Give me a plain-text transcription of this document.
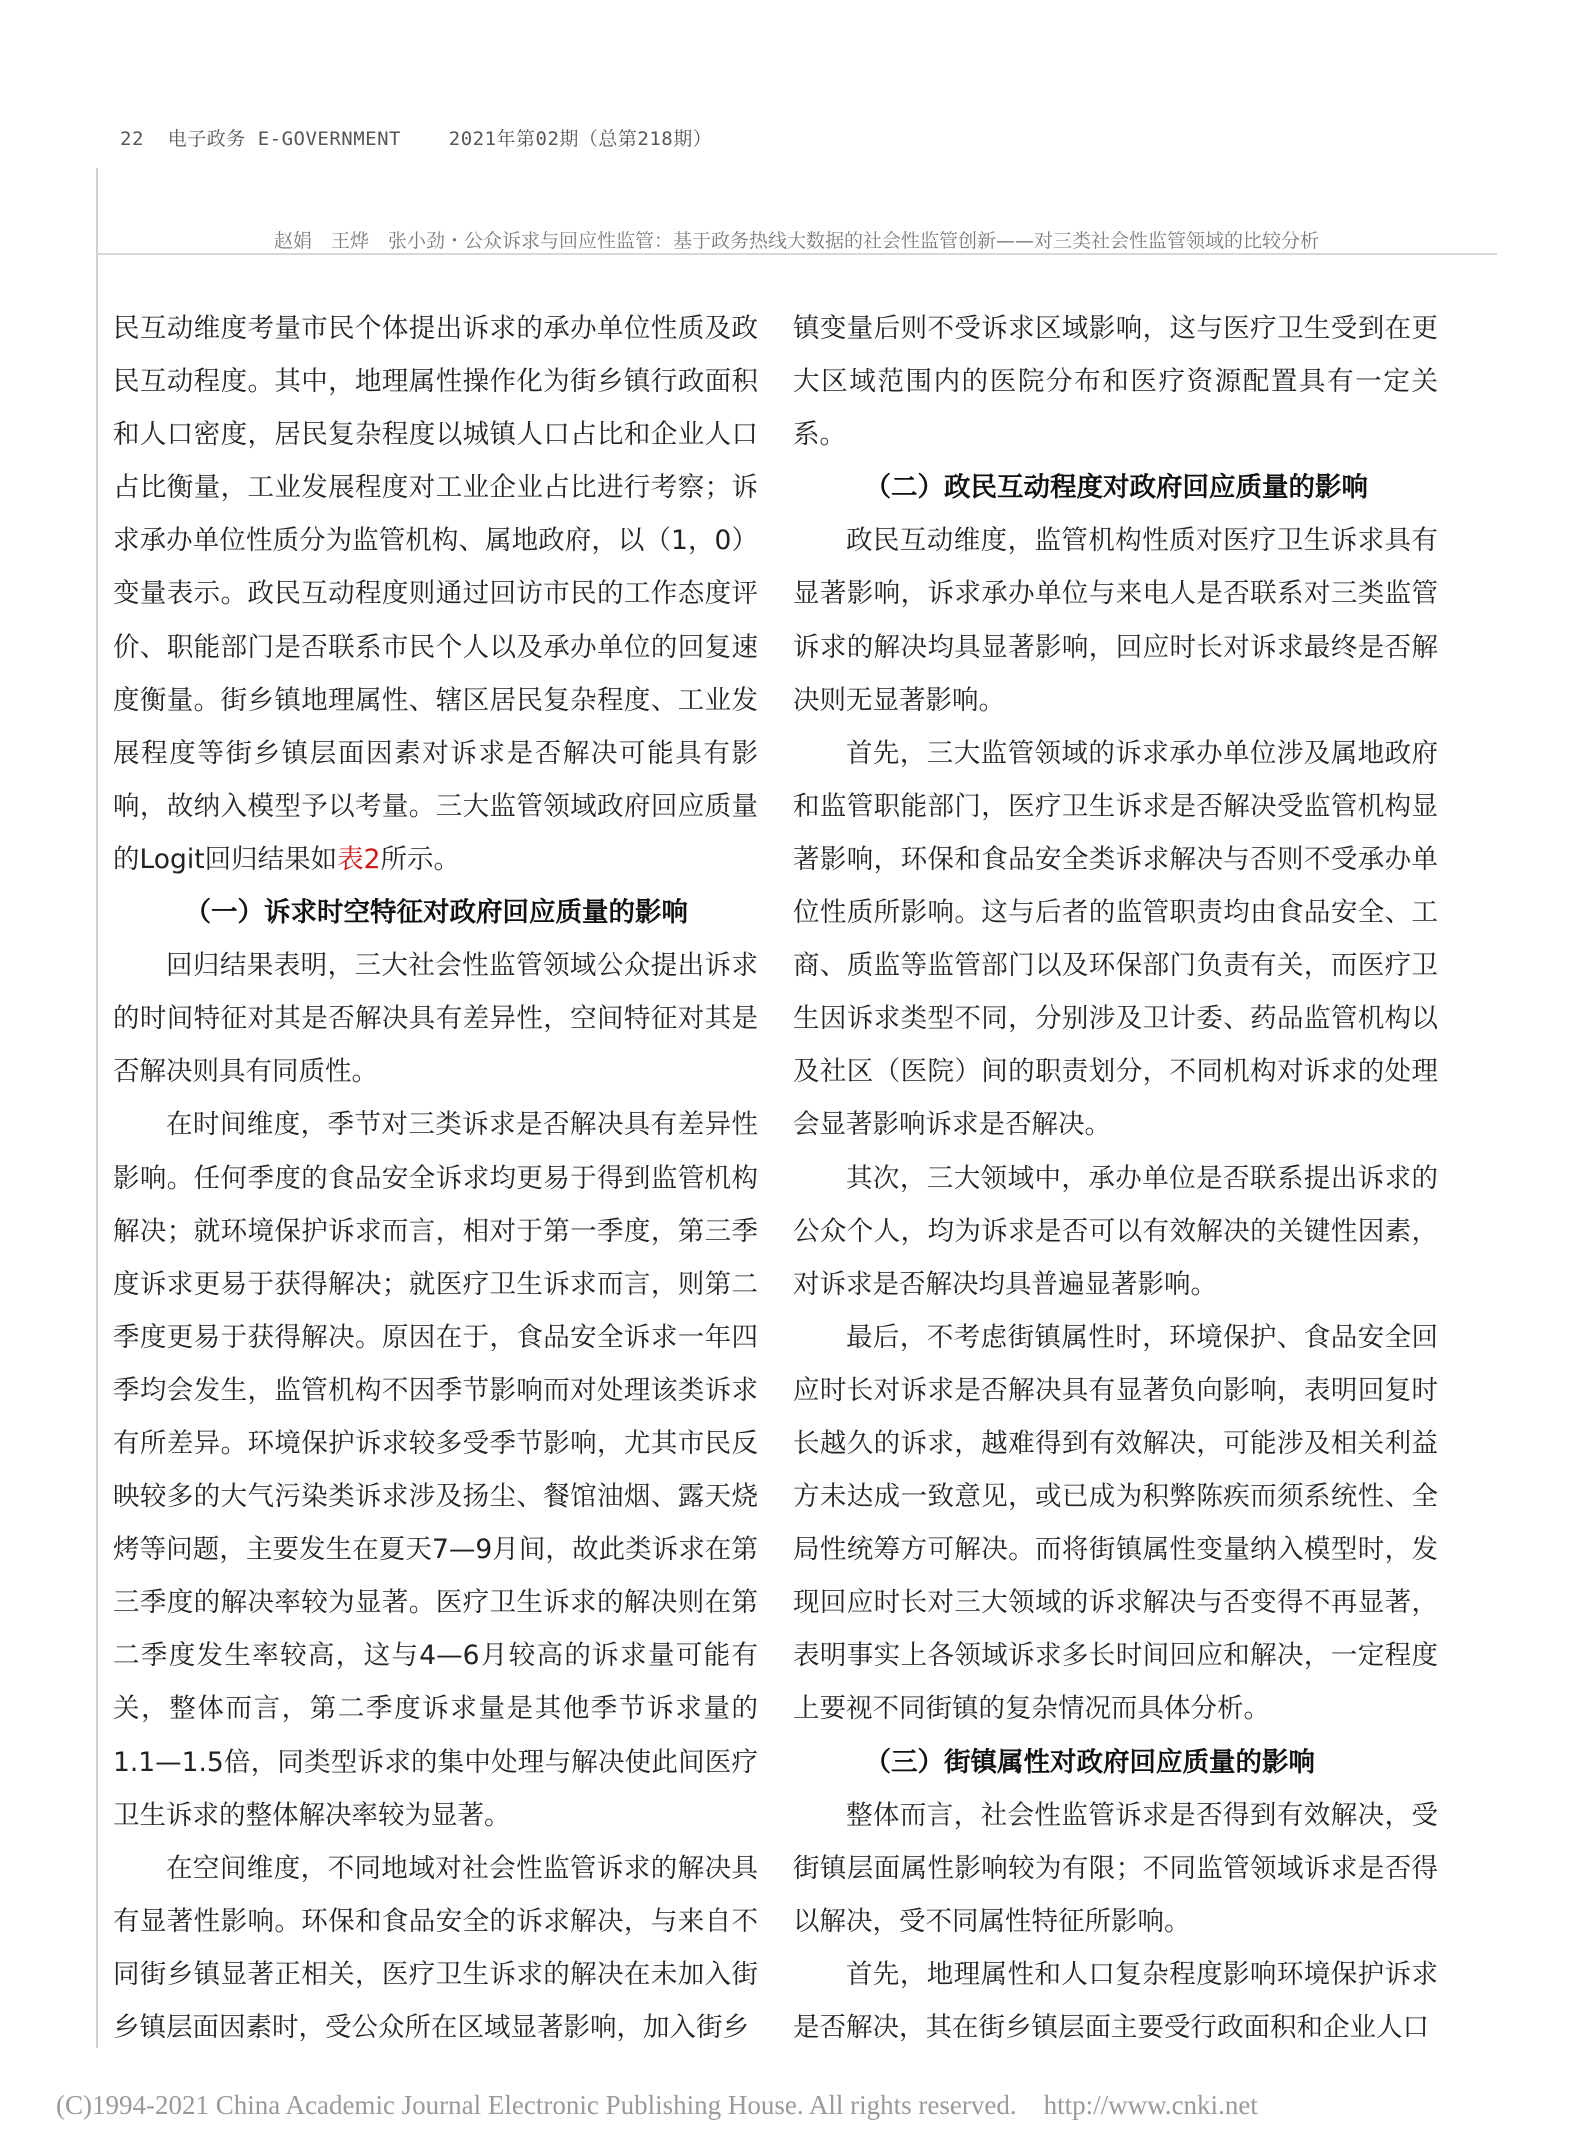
22 电子政务 E-GOVERNMENT	2021年第02期（总第218期）
赵娟　王烨　张小劲・公众诉求与回应性监管：基于政务热线大数据的社会性监管创新——对三类社会性监管领域的比较分析

民互动维度考量市民个体提出诉求的承办单位性质及政民互动程度。其中，地理属性操作化为街乡镇行政面积和人口密度，居民复杂程度以城镇人口占比和企业人口占比衡量，工业发展程度对工业企业占比进行考察；诉求承办单位性质分为监管机构、属地政府，以（1，0）变量表示。政民互动程度则通过回访市民的工作态度评价、职能部门是否联系市民个人以及承办单位的回复速度衡量。街乡镇地理属性、辖区居民复杂程度、工业发展程度等街乡镇层面因素对诉求是否解决可能具有影响，故纳入模型予以考量。三大监管领域政府回应质量的Logit回归结果如表2所示。

（一）诉求时空特征对政府回应质量的影响

回归结果表明，三大社会性监管领域公众提出诉求的时间特征对其是否解决具有差异性，空间特征对其是否解决则具有同质性。

在时间维度，季节对三类诉求是否解决具有差异性影响。任何季度的食品安全诉求均更易于得到监管机构解决；就环境保护诉求而言，相对于第一季度，第三季度诉求更易于获得解决；就医疗卫生诉求而言，则第二季度更易于获得解决。原因在于，食品安全诉求一年四季均会发生，监管机构不因季节影响而对处理该类诉求有所差异。环境保护诉求较多受季节影响，尤其市民反映较多的大气污染类诉求涉及扬尘、餐馆油烟、露天烧烤等问题，主要发生在夏天7—9月间，故此类诉求在第三季度的解决率较为显著。医疗卫生诉求的解决则在第二季度发生率较高，这与4—6月较高的诉求量可能有关，整体而言，第二季度诉求量是其他季节诉求量的1.1—1.5倍，同类型诉求的集中处理与解决使此间医疗卫生诉求的整体解决率较为显著。

在空间维度，不同地域对社会性监管诉求的解决具有显著性影响。环保和食品安全的诉求解决，与来自不同街乡镇显著正相关，医疗卫生诉求的解决在未加入街乡镇层面因素时，受公众所在区域显著影响，加入街乡

镇变量后则不受诉求区域影响，这与医疗卫生受到在更大区域范围内的医院分布和医疗资源配置具有一定关系。

（二）政民互动程度对政府回应质量的影响

政民互动维度，监管机构性质对医疗卫生诉求具有显著影响，诉求承办单位与来电人是否联系对三类监管诉求的解决均具显著影响，回应时长对诉求最终是否解决则无显著影响。

首先，三大监管领域的诉求承办单位涉及属地政府和监管职能部门，医疗卫生诉求是否解决受监管机构显著影响，环保和食品安全类诉求解决与否则不受承办单位性质所影响。这与后者的监管职责均由食品安全、工商、质监等监管部门以及环保部门负责有关，而医疗卫生因诉求类型不同，分别涉及卫计委、药品监管机构以及社区（医院）间的职责划分，不同机构对诉求的处理会显著影响诉求是否解决。

其次，三大领域中，承办单位是否联系提出诉求的公众个人，均为诉求是否可以有效解决的关键性因素，对诉求是否解决均具普遍显著影响。

最后，不考虑街镇属性时，环境保护、食品安全回应时长对诉求是否解决具有显著负向影响，表明回复时长越久的诉求，越难得到有效解决，可能涉及相关利益方未达成一致意见，或已成为积弊陈疾而须系统性、全局性统筹方可解决。而将街镇属性变量纳入模型时，发现回应时长对三大领域的诉求解决与否变得不再显著，表明事实上各领域诉求多长时间回应和解决，一定程度上要视不同街镇的复杂情况而具体分析。

（三）街镇属性对政府回应质量的影响

整体而言，社会性监管诉求是否得到有效解决，受街镇层面属性影响较为有限；不同监管领域诉求是否得以解决，受不同属性特征所影响。

首先，地理属性和人口复杂程度影响环境保护诉求是否解决，其在街乡镇层面主要受行政面积和企业人口

(C)1994-2021 China Academic Journal Electronic Publishing House. All rights reserved. http://www.cnki.net
